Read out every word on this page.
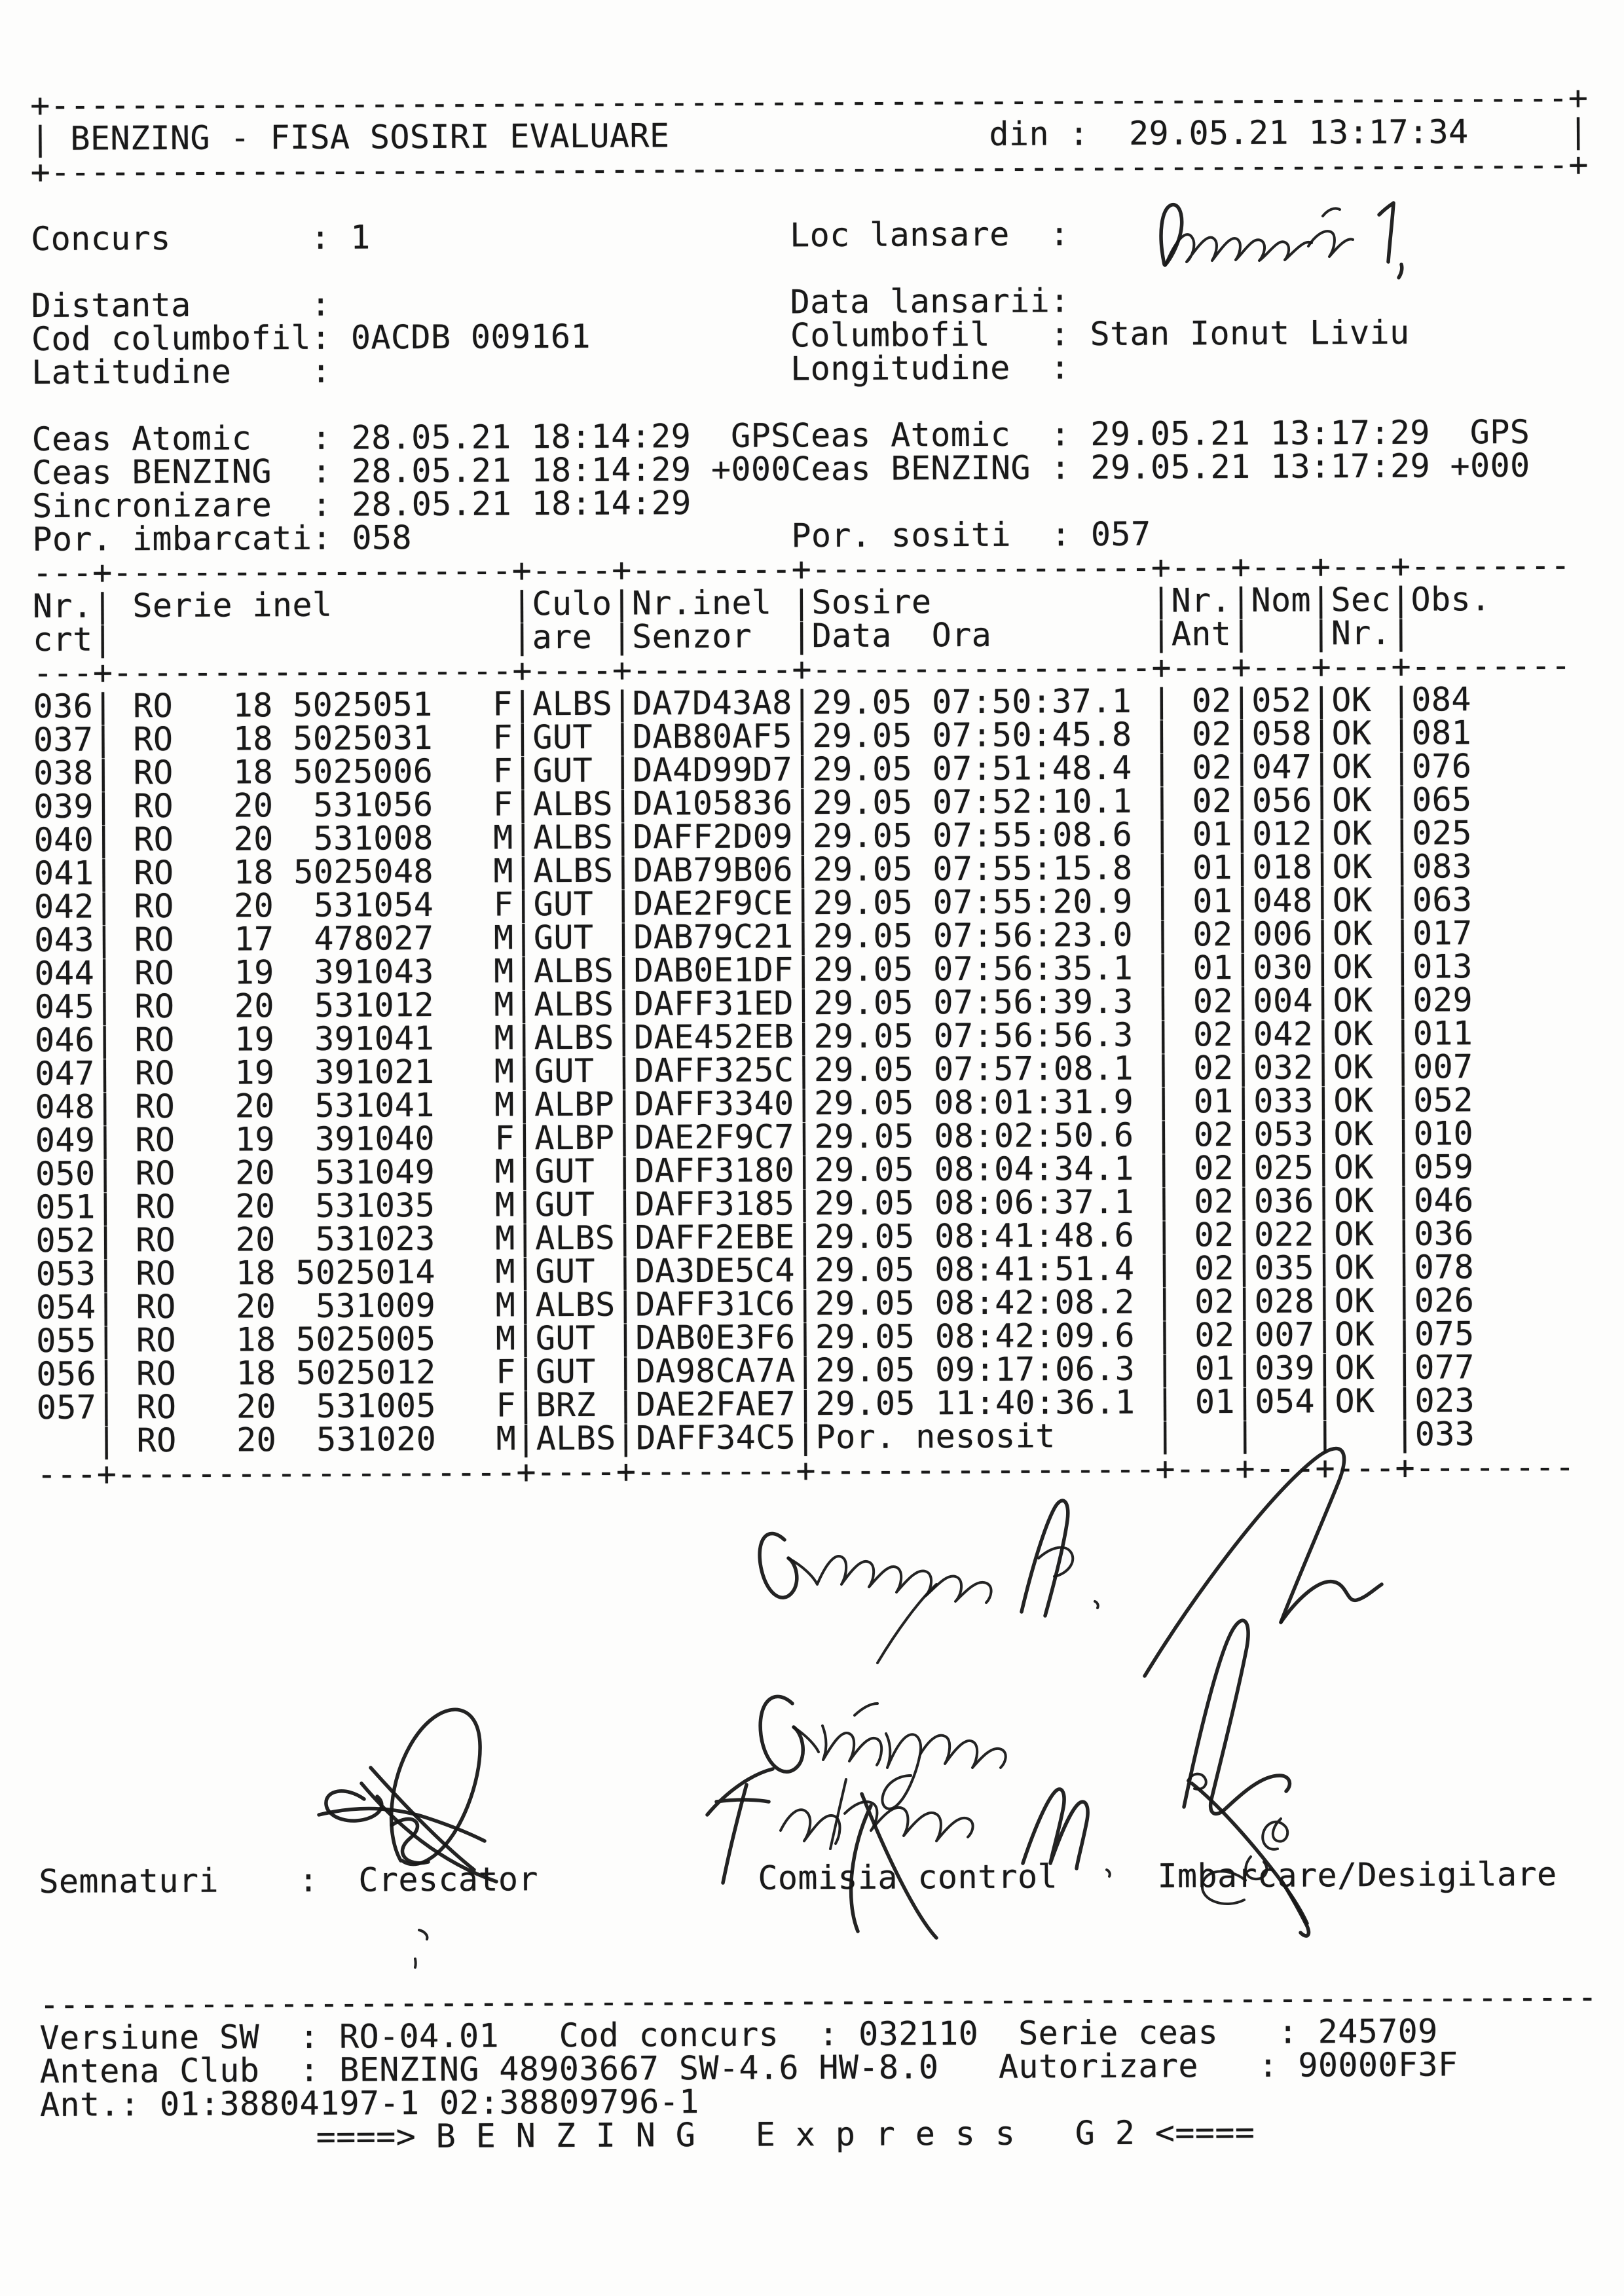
+----------------------------------------------------------------------------+
| BENZING - FISA SOSIRI EVALUARE                din :  29.05.21 13:17:34     |
+----------------------------------------------------------------------------+
Concurs       : 1                     Loc lansare  :
Distanta      :                       Data lansarii:
Cod columbofil: 0ACDB 009161          Columbofil   : Stan Ionut Liviu
Latitudine    :                       Longitudine  :
Ceas Atomic   : 28.05.21 18:14:29  GPSCeas Atomic  : 29.05.21 13:17:29  GPS
Ceas BENZING  : 28.05.21 18:14:29 +000Ceas BENZING : 29.05.21 13:17:29 +000
Sincronizare  : 28.05.21 18:14:29
Por. imbarcati: 058                   Por. sositi  : 057
---+--------------------+----+--------+-----------------+---+---+---+--------
Nr.| Serie inel         |Culo|Nr.inel |Sosire           |Nr.|Nom|Sec|Obs.
crt|                    |are |Senzor  |Data  Ora        |Ant|   |Nr.|
---+--------------------+----+--------+-----------------+---+---+---+--------
036| RO   18 5025051   F|ALBS|DA7D43A8|29.05 07:50:37.1 | 02|052|OK |084
037| RO   18 5025031   F|GUT |DAB80AF5|29.05 07:50:45.8 | 02|058|OK |081
038| RO   18 5025006   F|GUT |DA4D99D7|29.05 07:51:48.4 | 02|047|OK |076
039| RO   20  531056   F|ALBS|DA105836|29.05 07:52:10.1 | 02|056|OK |065
040| RO   20  531008   M|ALBS|DAFF2D09|29.05 07:55:08.6 | 01|012|OK |025
041| RO   18 5025048   M|ALBS|DAB79B06|29.05 07:55:15.8 | 01|018|OK |083
042| RO   20  531054   F|GUT |DAE2F9CE|29.05 07:55:20.9 | 01|048|OK |063
043| RO   17  478027   M|GUT |DAB79C21|29.05 07:56:23.0 | 02|006|OK |017
044| RO   19  391043   M|ALBS|DAB0E1DF|29.05 07:56:35.1 | 01|030|OK |013
045| RO   20  531012   M|ALBS|DAFF31ED|29.05 07:56:39.3 | 02|004|OK |029
046| RO   19  391041   M|ALBS|DAE452EB|29.05 07:56:56.3 | 02|042|OK |011
047| RO   19  391021   M|GUT |DAFF325C|29.05 07:57:08.1 | 02|032|OK |007
048| RO   20  531041   M|ALBP|DAFF3340|29.05 08:01:31.9 | 01|033|OK |052
049| RO   19  391040   F|ALBP|DAE2F9C7|29.05 08:02:50.6 | 02|053|OK |010
050| RO   20  531049   M|GUT |DAFF3180|29.05 08:04:34.1 | 02|025|OK |059
051| RO   20  531035   M|GUT |DAFF3185|29.05 08:06:37.1 | 02|036|OK |046
052| RO   20  531023   M|ALBS|DAFF2EBE|29.05 08:41:48.6 | 02|022|OK |036
053| RO   18 5025014   M|GUT |DA3DE5C4|29.05 08:41:51.4 | 02|035|OK |078
054| RO   20  531009   M|ALBS|DAFF31C6|29.05 08:42:08.2 | 02|028|OK |026
055| RO   18 5025005   M|GUT |DAB0E3F6|29.05 08:42:09.6 | 02|007|OK |075
056| RO   18 5025012   F|GUT |DA98CA7A|29.05 09:17:06.3 | 01|039|OK |077
057| RO   20  531005   F|BRZ |DAE2FAE7|29.05 11:40:36.1 | 01|054|OK |023
| RO   20  531020   M|ALBS|DAFF34C5|Por. nesosit     |   |   |   |033
---+--------------------+----+--------+-----------------+---+---+---+--------
Semnaturi    :  Crescator           Comisia control     Imbarcare/Desigilare
------------------------------------------------------------------------------
Versiune SW  : RO-04.01   Cod concurs  : 032110  Serie ceas   : 245709
Antena Club  : BENZING 48903667 SW-4.6 HW-8.0   Autorizare   : 90000F3F
Ant.: 01:38804197-1 02:38809796-1
====> B E N Z I N G   E x p r e s s   G 2 <====
